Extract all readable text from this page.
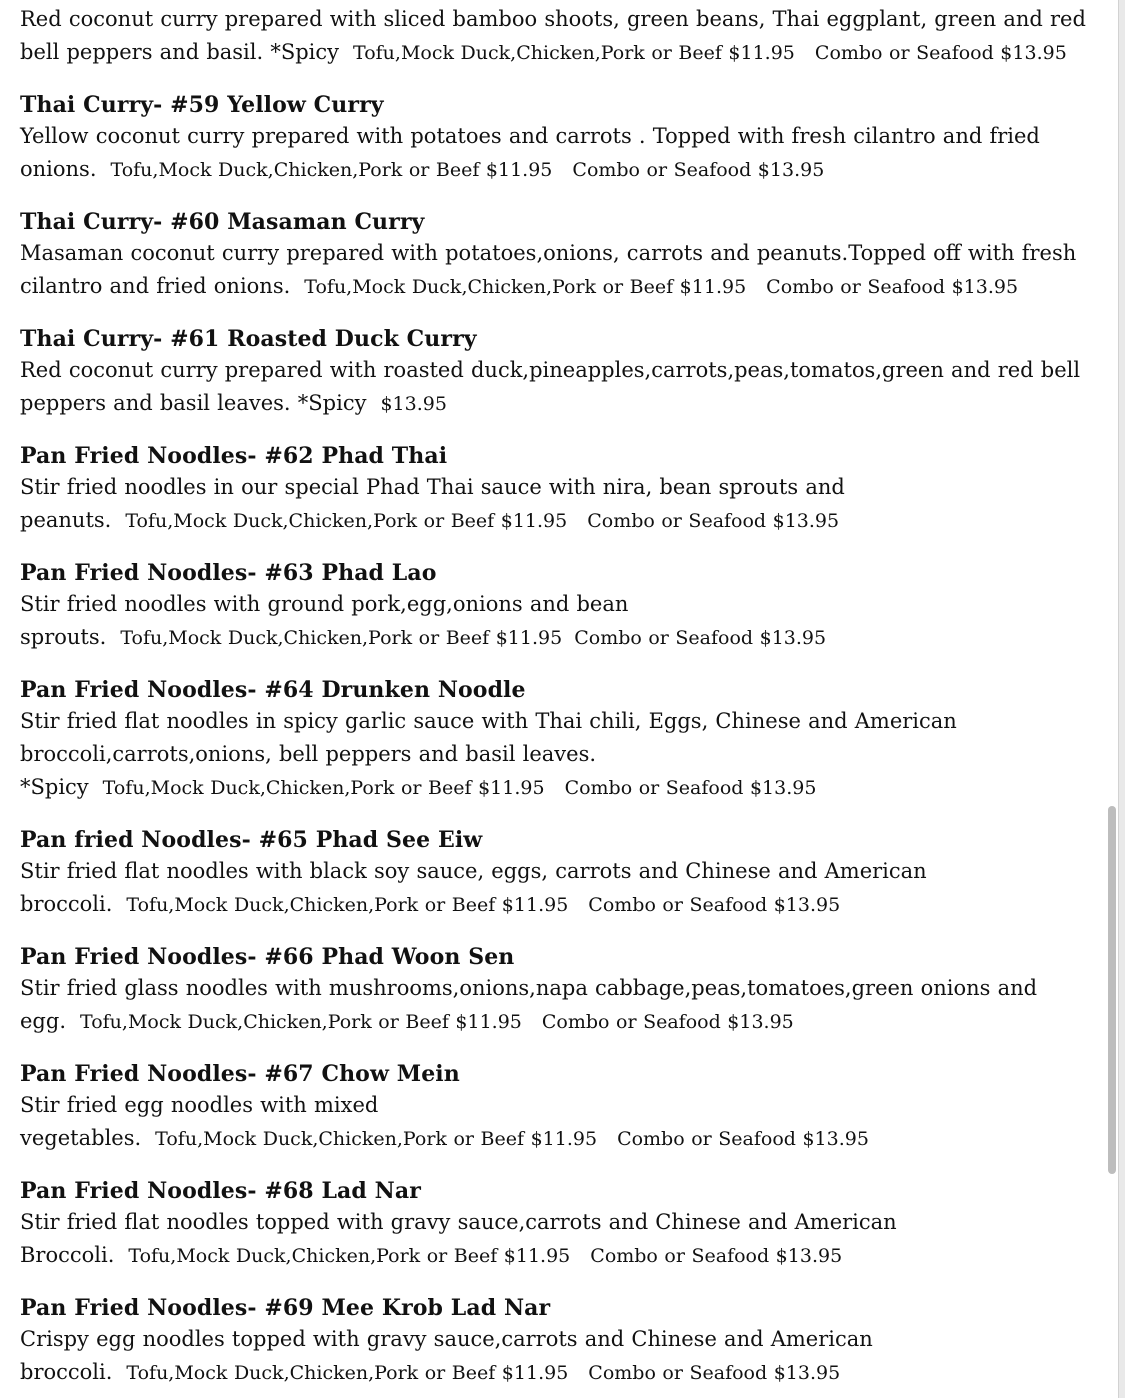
Red coconut curry prepared with sliced bamboo shoots, green beans, Thai eggplant, green and red bell peppers and basil. *Spicy Tofu,Mock Duck,Chicken,Pork or Beef $11.95 Combo or Seafood $13.95

Thai Curry- #59 Yellow Curry

Yellow coconut curry prepared with potatoes and carrots . Topped with fresh cilantro and fried onions. Tofu,Mock Duck,Chicken,Pork or Beef $11.95 Combo or Seafood $13.95

Thai Curry- #60 Masaman Curry

Masaman coconut curry prepared with potatoes,onions, carrots and peanuts.Topped off with fresh cilantro and fried onions. Tofu,Mock Duck,Chicken,Pork or Beef $11.95 Combo or Seafood $13.95

Thai Curry- #61 Roasted Duck Curry

Red coconut curry prepared with roasted duck,pineapples,carrots,peas,tomatos,green and red bell peppers and basil leaves. *Spicy $13.95

Pan Fried Noodles- #62 Phad Thai

Stir fried noodles in our special Phad Thai sauce with nira, bean sprouts and peanuts. Tofu,Mock Duck,Chicken,Pork or Beef $11.95 Combo or Seafood $13.95

Pan Fried Noodles- #63 Phad Lao

Stir fried noodles with ground pork,egg,onions and bean sprouts. Tofu,Mock Duck,Chicken,Pork or Beef $11.95 Combo or Seafood $13.95

Pan Fried Noodles- #64 Drunken Noodle

Stir fried flat noodles in spicy garlic sauce with Thai chili, Eggs, Chinese and American broccoli,carrots,onions, bell peppers and basil leaves. *Spicy Tofu,Mock Duck,Chicken,Pork or Beef $11.95 Combo or Seafood $13.95

Pan fried Noodles- #65 Phad See Eiw

Stir fried flat noodles with black soy sauce, eggs, carrots and Chinese and American broccoli. Tofu,Mock Duck,Chicken,Pork or Beef $11.95 Combo or Seafood $13.95

Pan Fried Noodles- #66 Phad Woon Sen

Stir fried glass noodles with mushrooms,onions,napa cabbage,peas,tomatoes,green onions and egg. Tofu,Mock Duck,Chicken,Pork or Beef $11.95 Combo or Seafood $13.95

Pan Fried Noodles- #67 Chow Mein

Stir fried egg noodles with mixed vegetables. Tofu,Mock Duck,Chicken,Pork or Beef $11.95 Combo or Seafood $13.95

Pan Fried Noodles- #68 Lad Nar

Stir fried flat noodles topped with gravy sauce,carrots and Chinese and American Broccoli. Tofu,Mock Duck,Chicken,Pork or Beef $11.95 Combo or Seafood $13.95

Pan Fried Noodles- #69 Mee Krob Lad Nar

Crispy egg noodles topped with gravy sauce,carrots and Chinese and American broccoli. Tofu,Mock Duck,Chicken,Pork or Beef $11.95 Combo or Seafood $13.95
